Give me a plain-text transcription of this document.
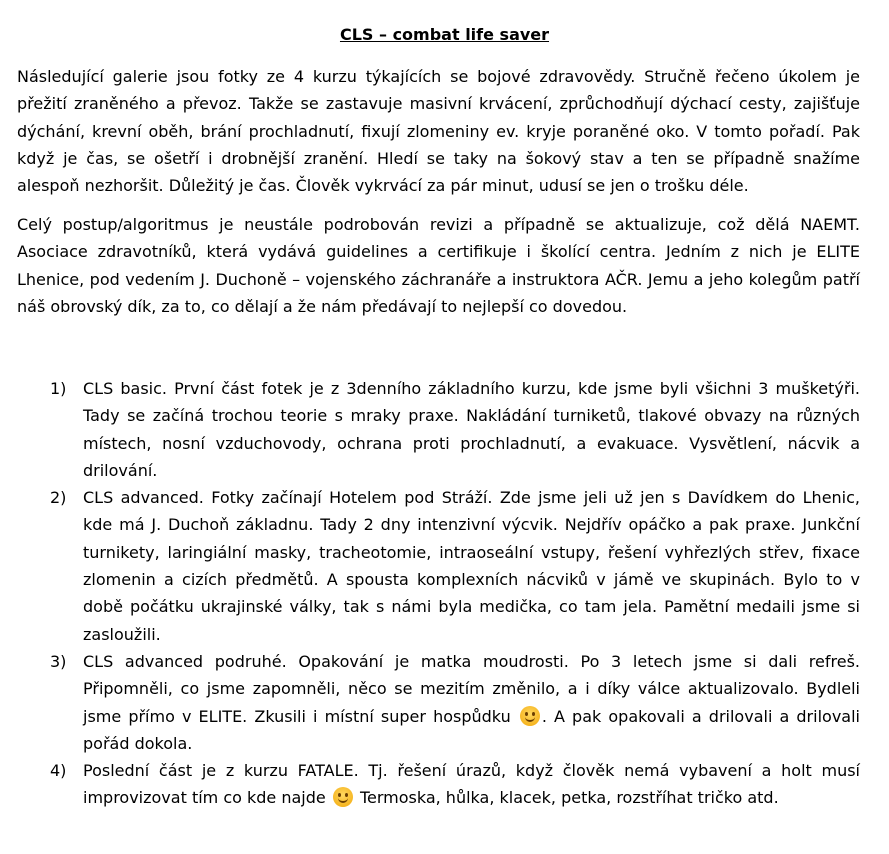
CLS – combat life saver

Následující galerie jsou fotky ze 4 kurzu týkajících se bojové zdravovědy. Stručně řečeno úkolem je přežití zraněného a převoz. Takže se zastavuje masivní krvácení, zprůchodňují dýchací cesty, zajišťuje dýchání, krevní oběh, brání prochladnutí, fixují zlomeniny ev. kryje poraněné oko. V tomto pořadí. Pak když je čas, se ošetří i drobnější zranění. Hledí se taky na šokový stav a ten se případně snažíme alespoň nezhoršit. Důležitý je čas. Člověk vykrvácí za pár minut, udusí se jen o trošku déle.

Celý postup/algoritmus je neustále podrobován revizi a případně se aktualizuje, což dělá NAEMT. Asociace zdravotníků, která vydává guidelines a certifikuje i školící centra. Jedním z nich je ELITE Lhenice, pod vedením J. Duchoně – vojenského záchranáře a instruktora AČR. Jemu a jeho kolegům patří náš obrovský dík, za to, co dělají a že nám předávají to nejlepší co dovedou.

1) CLS basic. První část fotek je z 3denního základního kurzu, kde jsme byli všichni 3 mušketýři. Tady se začíná trochou teorie s mraky praxe. Nakládání turniketů, tlakové obvazy na různých místech, nosní vzduchovody, ochrana proti prochladnutí, a evakuace. Vysvětlení, nácvik a drilování.
2) CLS advanced. Fotky začínají Hotelem pod Stráží. Zde jsme jeli už jen s Davídkem do Lhenic, kde má J. Duchoň základnu. Tady 2 dny intenzivní výcvik. Nejdřív opáčko a pak praxe. Junkční turnikety, laringiální masky, tracheotomie, intraoseální vstupy, řešení vyhřezlých střev, fixace zlomenin a cizích předmětů. A spousta komplexních nácviků v jámě ve skupinách. Bylo to v době počátku ukrajinské války, tak s námi byla medička, co tam jela. Pamětní medaili jsme si zasloužili.
3) CLS advanced podruhé. Opakování je matka moudrosti. Po 3 letech jsme si dali refreš. Připomněli, co jsme zapomněli, něco se mezitím změnilo, a i díky válce aktualizovalo. Bydleli jsme přímo v ELITE. Zkusili i místní super hospůdku . A pak opakovali a drilovali a drilovali pořád dokola.
4) Poslední část je z kurzu FATALE. Tj. řešení úrazů, když člověk nemá vybavení a holt musí improvizovat tím co kde najde Termoska, hůlka, klacek, petka, rozstříhat tričko atd.
